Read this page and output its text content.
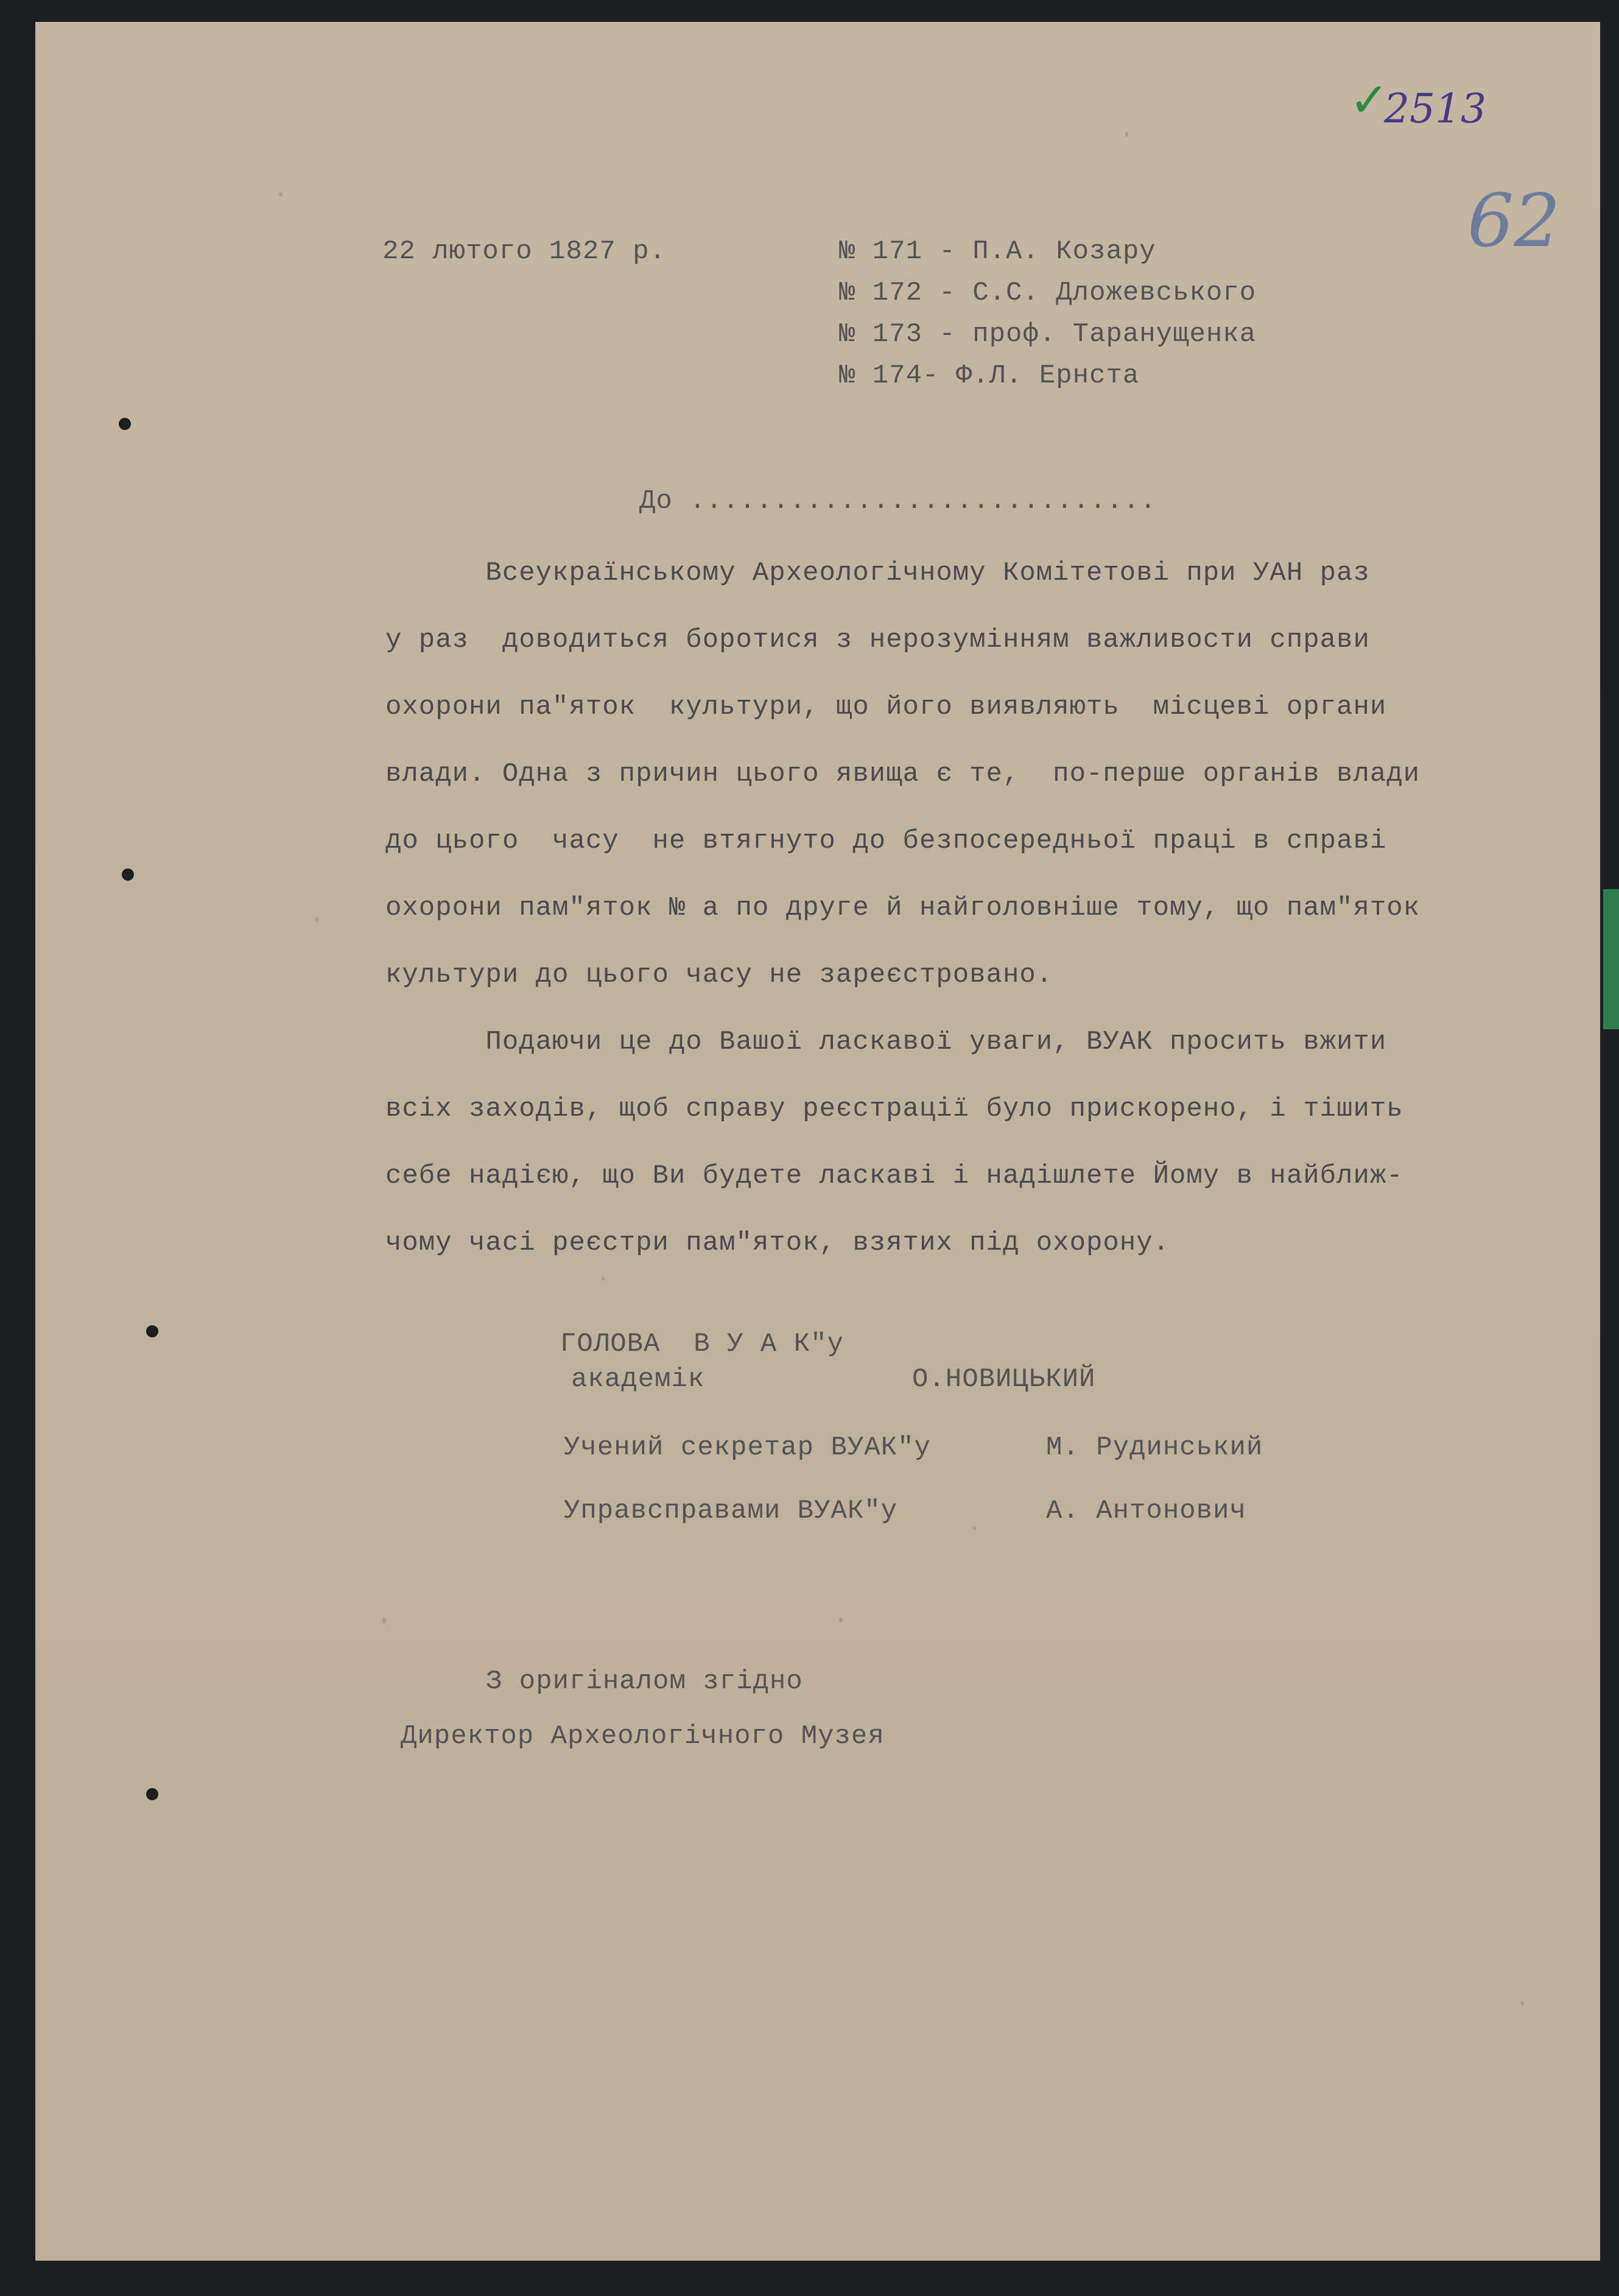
✓
2513
62
22 лютого 1827 р.	№ 171 - П.А. Козару
№ 172 - С.С. Дложевського
№ 173 - проф. Таранущенка
№ 174- Ф.Л. Ернста
До ............................
Всеукраїнському Археологічному Комітетові при УАН раз
у раз  доводиться боротися з нерозумінням важливости справи
охорони па"яток  культури, що його виявляють  місцеві органи
влади. Одна з причин цього явища є те,  по-перше органів влади
до цього  часу  не втягнуто до безпосередньої праці в справі
охорони пам"яток № а по друге й найголовніше тому, що пам"яток
культури до цього часу не зареєстровано.
Подаючи це до Вашої ласкавої уваги, ВУАК просить вжити
всіх заходів, щоб справу реєстрації було прискорено, і тішить
себе надією, що Ви будете ласкаві і надішлете Йому в найближ-
чому часі реєстри пам"яток, взятих під охорону.
ГОЛОВА  В У А К"у
академік	О.НОВИЦЬКИЙ
Учений секретар ВУАК"у	М. Рудинський
Управсправами ВУАК"у	А. Антонович
З оригіналом згідно
Директор Археологічного Музея
